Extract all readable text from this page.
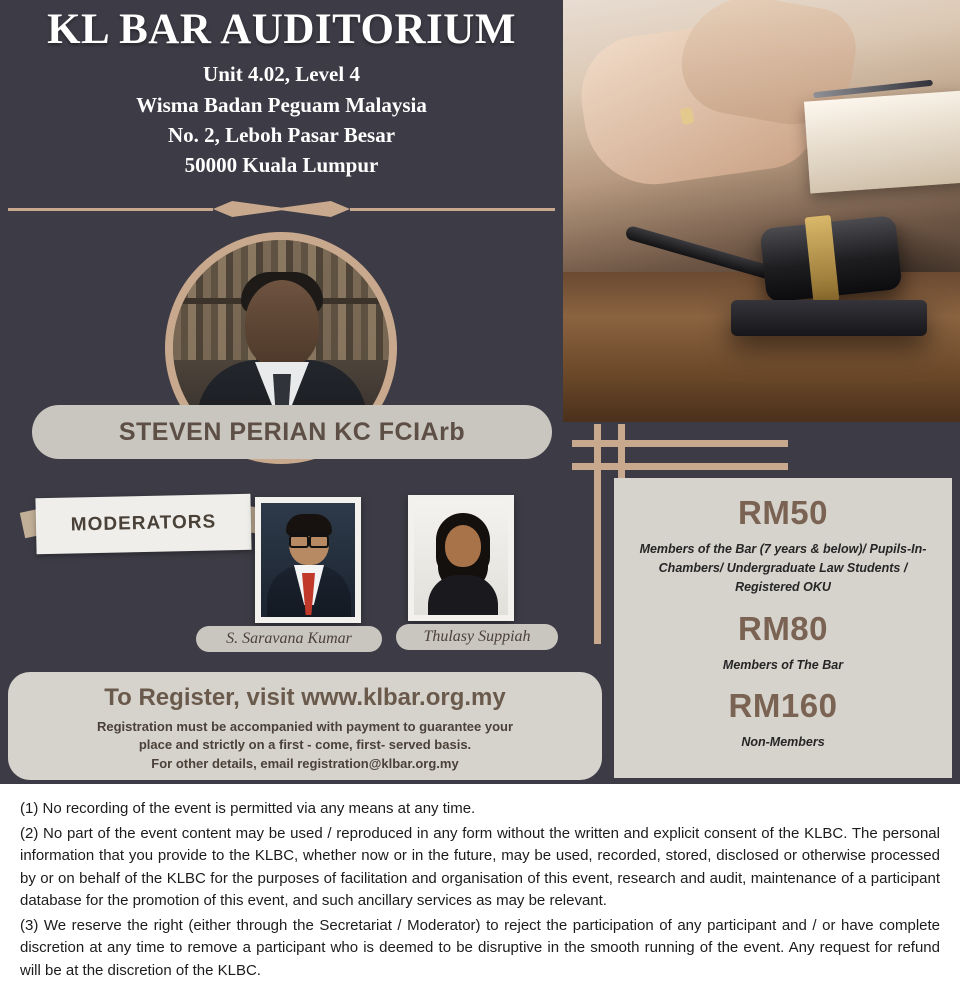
KL BAR AUDITORIUM
Unit 4.02, Level 4
Wisma Badan Peguam Malaysia
No. 2, Leboh Pasar Besar
50000 Kuala Lumpur
STEVEN PERIAN KC FCIArb
MODERATORS
S. Saravana Kumar	Thulasy Suppiah
To Register, visit www.klbar.org.my
Registration must be accompanied with payment to guarantee your
place and strictly on a first - come, first- served basis.
For other details, email registration@klbar.org.my
RM50
Members of the Bar (7 years & below)/ Pupils-In-Chambers/ Undergraduate Law Students / Registered OKU
RM80
Members of The Bar
RM160
Non-Members

(1) No recording of the event is permitted via any means at any time.

(2) No part of the event content may be used / reproduced in any form without the written and explicit consent of the KLBC. The personal information that you provide to the KLBC, whether now or in the future, may be used, recorded, stored, disclosed or otherwise processed by or on behalf of the KLBC for the purposes of facilitation and organisation of this event, research and audit, maintenance of a participant database for the promotion of this event, and such ancillary services as may be relevant.

(3) We reserve the right (either through the Secretariat / Moderator) to reject the participation of any participant and / or have complete discretion at any time to remove a participant who is deemed to be disruptive in the smooth running of the event. Any request for refund will be at the discretion of the KLBC.
